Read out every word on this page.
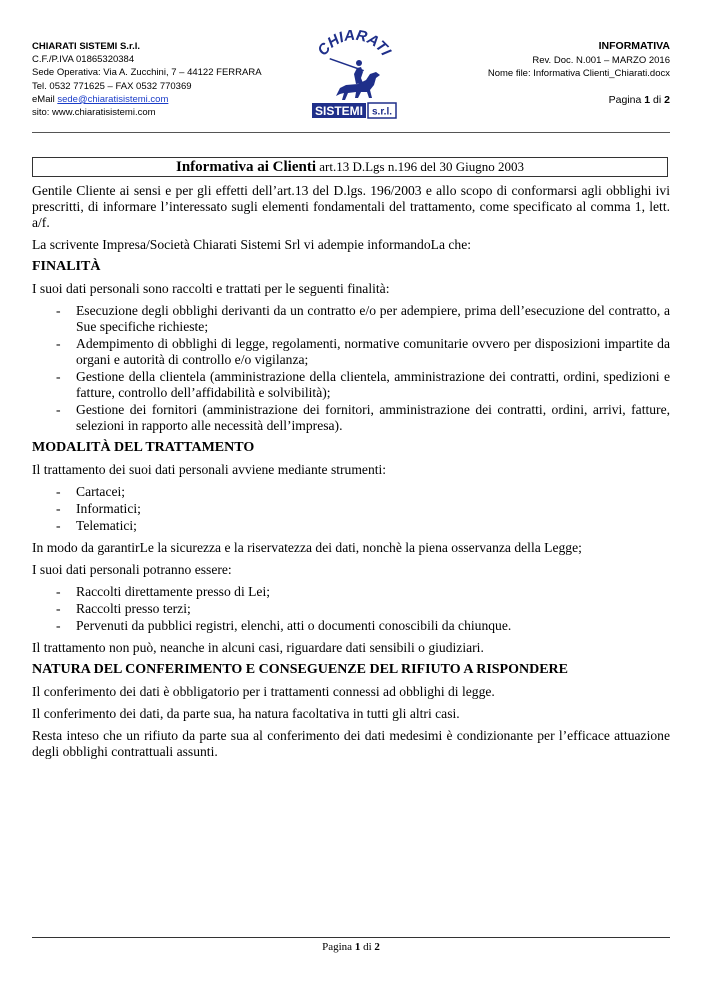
CHIARATI SISTEMI S.r.l.
C.F./P.IVA 01865320384
Sede Operativa: Via A. Zucchini, 7 – 44122 FERRARA
Tel. 0532 771625 – FAX 0532 770369
eMail sede@chiaratisistemi.com
sito: www.chiaratisistemi.com
CHIARATI
SISTEMI s.r.l.
INFORMATIVA
Rev. Doc. N.001 – MARZO 2016
Nome file: Informativa Clienti_Chiarati.docx
Pagina 1 di 2
Informativa ai Clienti art.13 D.Lgs n.196 del 30 Giugno 2003

Gentile Cliente ai sensi e per gli effetti dell’art.13 del D.lgs. 196/2003 e allo scopo di conformarsi agli obblighi ivi prescritti, di informare l’interessato sugli elementi fondamentali del trattamento, come specificato al comma 1, lett. a/f.

La scrivente Impresa/Società Chiarati Sistemi Srl vi adempie informandoLa che:

FINALITÀ

I suoi dati personali sono raccolti e trattati per le seguenti finalità:

- Esecuzione degli obblighi derivanti da un contratto e/o per adempiere, prima dell’esecuzione del contratto, a Sue specifiche richieste;
- Adempimento di obblighi di legge, regolamenti, normative comunitarie ovvero per disposizioni impartite da organi e autorità di controllo e/o vigilanza;
- Gestione della clientela (amministrazione della clientela, amministrazione dei contratti, ordini, spedizioni e fatture, controllo dell’affidabilità e solvibilità);
- Gestione dei fornitori (amministrazione dei fornitori, amministrazione dei contratti, ordini, arrivi, fatture, selezioni in rapporto alle necessità dell’impresa).
MODALITÀ DEL TRATTAMENTO

Il trattamento dei suoi dati personali avviene mediante strumenti:

- Cartacei;
- Informatici;
- Telematici;

In modo da garantirLe la sicurezza e la riservatezza dei dati, nonchè la piena osservanza della Legge;

I suoi dati personali potranno essere:

- Raccolti direttamente presso di Lei;
- Raccolti presso terzi;
- Pervenuti da pubblici registri, elenchi, atti o documenti conoscibili da chiunque.

Il trattamento non può, neanche in alcuni casi, riguardare dati sensibili o giudiziari.

NATURA DEL CONFERIMENTO E CONSEGUENZE DEL RIFIUTO A RISPONDERE

Il conferimento dei dati è obbligatorio per i trattamenti connessi ad obblighi di legge.

Il conferimento dei dati, da parte sua, ha natura facoltativa in tutti gli altri casi.

Resta inteso che un rifiuto da parte sua al conferimento dei dati medesimi è condizionante per l’efficace attuazione degli obblighi contrattuali assunti.

Pagina 1 di 2
